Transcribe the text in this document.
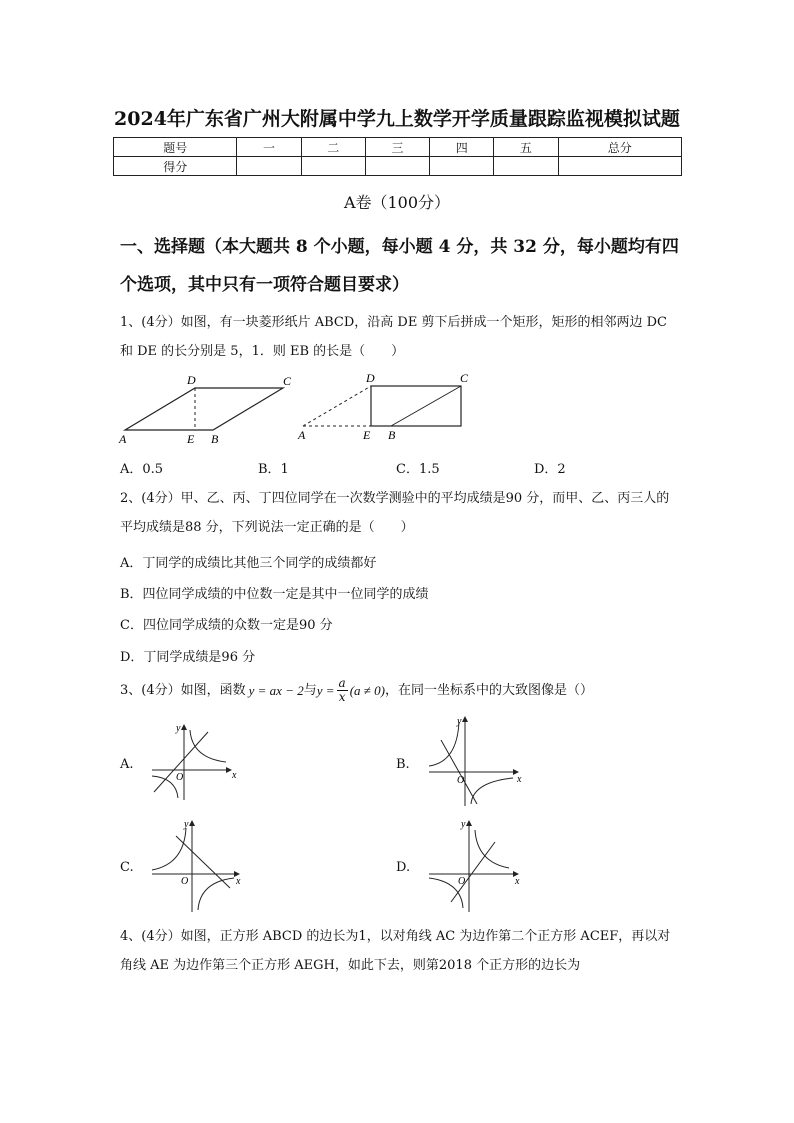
2024年广东省广州大附属中学九上数学开学质量跟踪监视模拟试题
题号	一	二	三	四	五	总分
得分						
A卷（100分）
一、选择题（本大题共 8 个小题，每小题 4 分，共 32 分，每小题均有四个选项，其中只有一项符合题目要求）
1、(4分）如图，有一块菱形纸片 ABCD，沿高 DE 剪下后拼成一个矩形，矩形的相邻两边 DC 和 DE 的长分别是 5，1．则 EB 的长是（　　）
D	C
A	E B
D	C
A	E B
A．0.5	B．1	C．1.5	D．2
2、(4分）甲、乙、丙、丁四位同学在一次数学测验中的平均成绩是90 分，而甲、乙、丙三人的平均成绩是88 分，下列说法一定正确的是（　　）
A．丁同学的成绩比其他三个同学的成绩都好
B．四位同学成绩的中位数一定是其中一位同学的成绩
C．四位同学成绩的众数一定是90 分
D．丁同学成绩是96 分
3、(4分）如图，函数 y = ax − 2 与 $y = \frac{a}{x} (a \ne 0)$ ，在同一坐标系中的大致图像是（）
A.
x
y
O
B.
x
y
O
C.
x
y
O
D.
x
y
O
4、(4分）如图，正方形 ABCD 的边长为1，以对角线 AC 为边作第二个正方形 ACEF，再以对角线 AE 为边作第三个正方形 AEGH，如此下去，则第2018 个正方形的边长为
